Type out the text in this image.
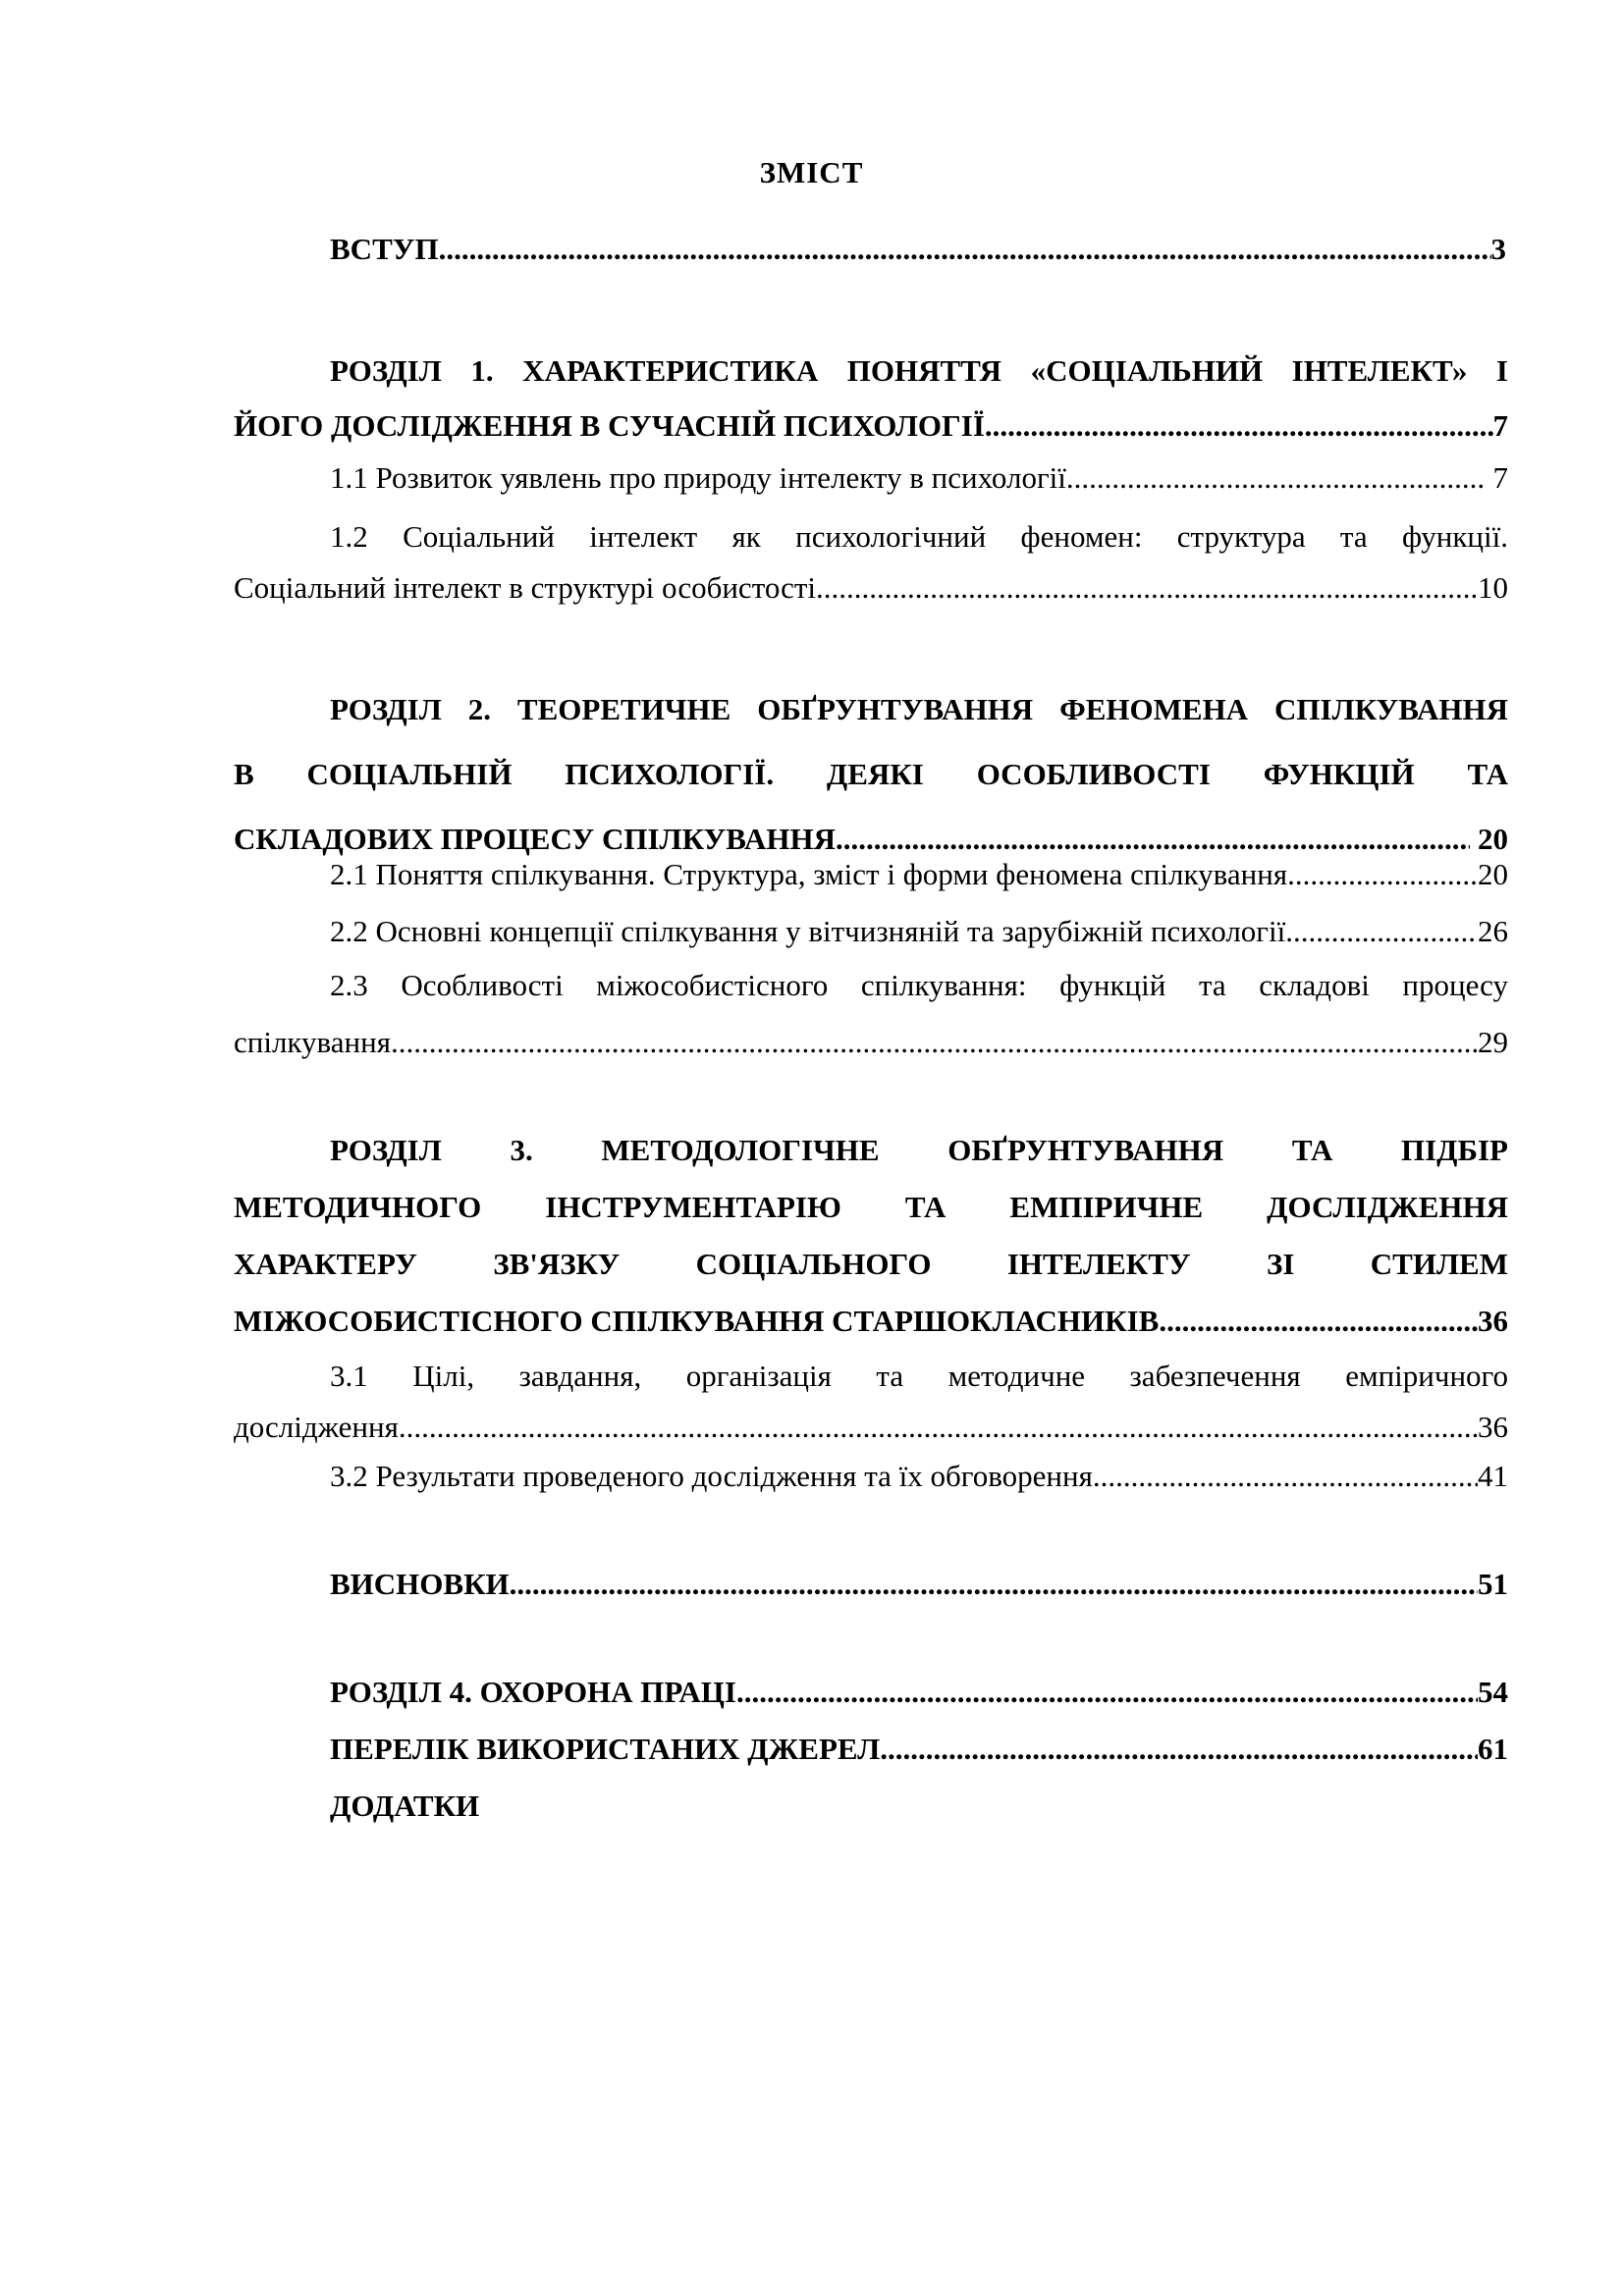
ЗМІСТ
ВСТУП .....	3
РОЗДІЛ 1. ХАРАКТЕРИСТИКА ПОНЯТТЯ «СОЦІАЛЬНИЙ ІНТЕЛЕКТ» І
ЙОГО ДОСЛІДЖЕННЯ В СУЧАСНІЙ ПСИХОЛОГІЇ .....	7
1.1 Розвиток уявлень про природу інтелекту в психології .....	7
1.2 Соціальний інтелект як психологічний феномен: структура та функції.
Соціальний інтелект в структурі особистості .....	10
РОЗДІЛ 2. ТЕОРЕТИЧНЕ ОБҐРУНТУВАННЯ ФЕНОМЕНА СПІЛКУВАННЯ
В СОЦІАЛЬНІЙ ПСИХОЛОГІЇ. ДЕЯКІ ОСОБЛИВОСТІ ФУНКЦІЙ ТА
СКЛАДОВИХ ПРОЦЕСУ СПІЛКУВАННЯ .....	20
2.1 Поняття спілкування. Структура, зміст і форми феномена спілкування .....	20
2.2 Основні концепції спілкування у вітчизняній та зарубіжній психології .....	26
2.3 Особливості міжособистісного спілкування: функцій та складові процесу
спілкування .....	29
РОЗДІЛ 3. МЕТОДОЛОГІЧНЕ ОБҐРУНТУВАННЯ ТА ПІДБІР
МЕТОДИЧНОГО ІНСТРУМЕНТАРІЮ ТА ЕМПІРИЧНЕ ДОСЛІДЖЕННЯ
ХАРАКТЕРУ ЗВ'ЯЗКУ СОЦІАЛЬНОГО ІНТЕЛЕКТУ ЗІ СТИЛЕМ
МІЖОСОБИСТІСНОГО СПІЛКУВАННЯ СТАРШОКЛАСНИКІВ .....	36
3.1 Цілі, завдання, організація та методичне забезпечення емпіричного
дослідження .....	36
3.2 Результати проведеного дослідження та їх обговорення .....	41
ВИСНОВКИ .....	51
РОЗДІЛ 4. ОХОРОНА ПРАЦІ .....	54
ПЕРЕЛІК ВИКОРИСТАНИХ ДЖЕРЕЛ .....	61
ДОДАТКИ
